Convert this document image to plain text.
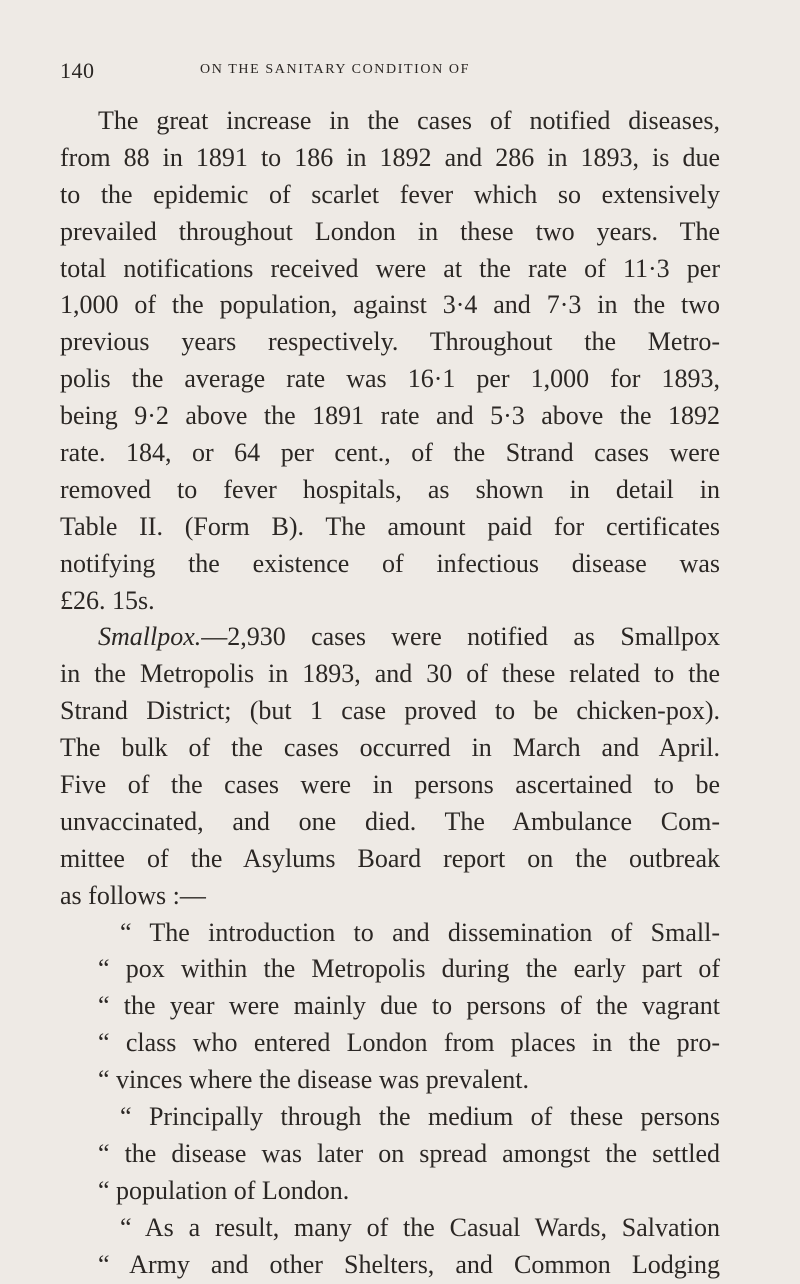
140	ON THE SANITARY CONDITION OF
The great increase in the cases of notified diseases,
from 88 in 1891 to 186 in 1892 and 286 in 1893, is due
to the epidemic of scarlet fever which so extensively
prevailed throughout London in these two years. The
total notifications received were at the rate of 11·3 per
1,000 of the population, against 3·4 and 7·3 in the two
previous years respectively. Throughout the Metro-
polis the average rate was 16·1 per 1,000 for 1893,
being 9·2 above the 1891 rate and 5·3 above the 1892
rate. 184, or 64 per cent., of the Strand cases were
removed to fever hospitals, as shown in detail in
Table II. (Form B). The amount paid for certificates
notifying the existence of infectious disease was
£26. 15s.
Smallpox.—2,930 cases were notified as Smallpox
in the Metropolis in 1893, and 30 of these related to the
Strand District; (but 1 case proved to be chicken-pox).
The bulk of the cases occurred in March and April.
Five of the cases were in persons ascertained to be
unvaccinated, and one died. The Ambulance Com-
mittee of the Asylums Board report on the outbreak
as follows :—
“ The introduction to and dissemination of Small-
“ pox within the Metropolis during the early part of
“ the year were mainly due to persons of the vagrant
“ class who entered London from places in the pro-
“ vinces where the disease was prevalent.
“ Principally through the medium of these persons
“ the disease was later on spread amongst the settled
“ population of London.
“ As a result, many of the Casual Wards, Salvation
“ Army and other Shelters, and Common Lodging
